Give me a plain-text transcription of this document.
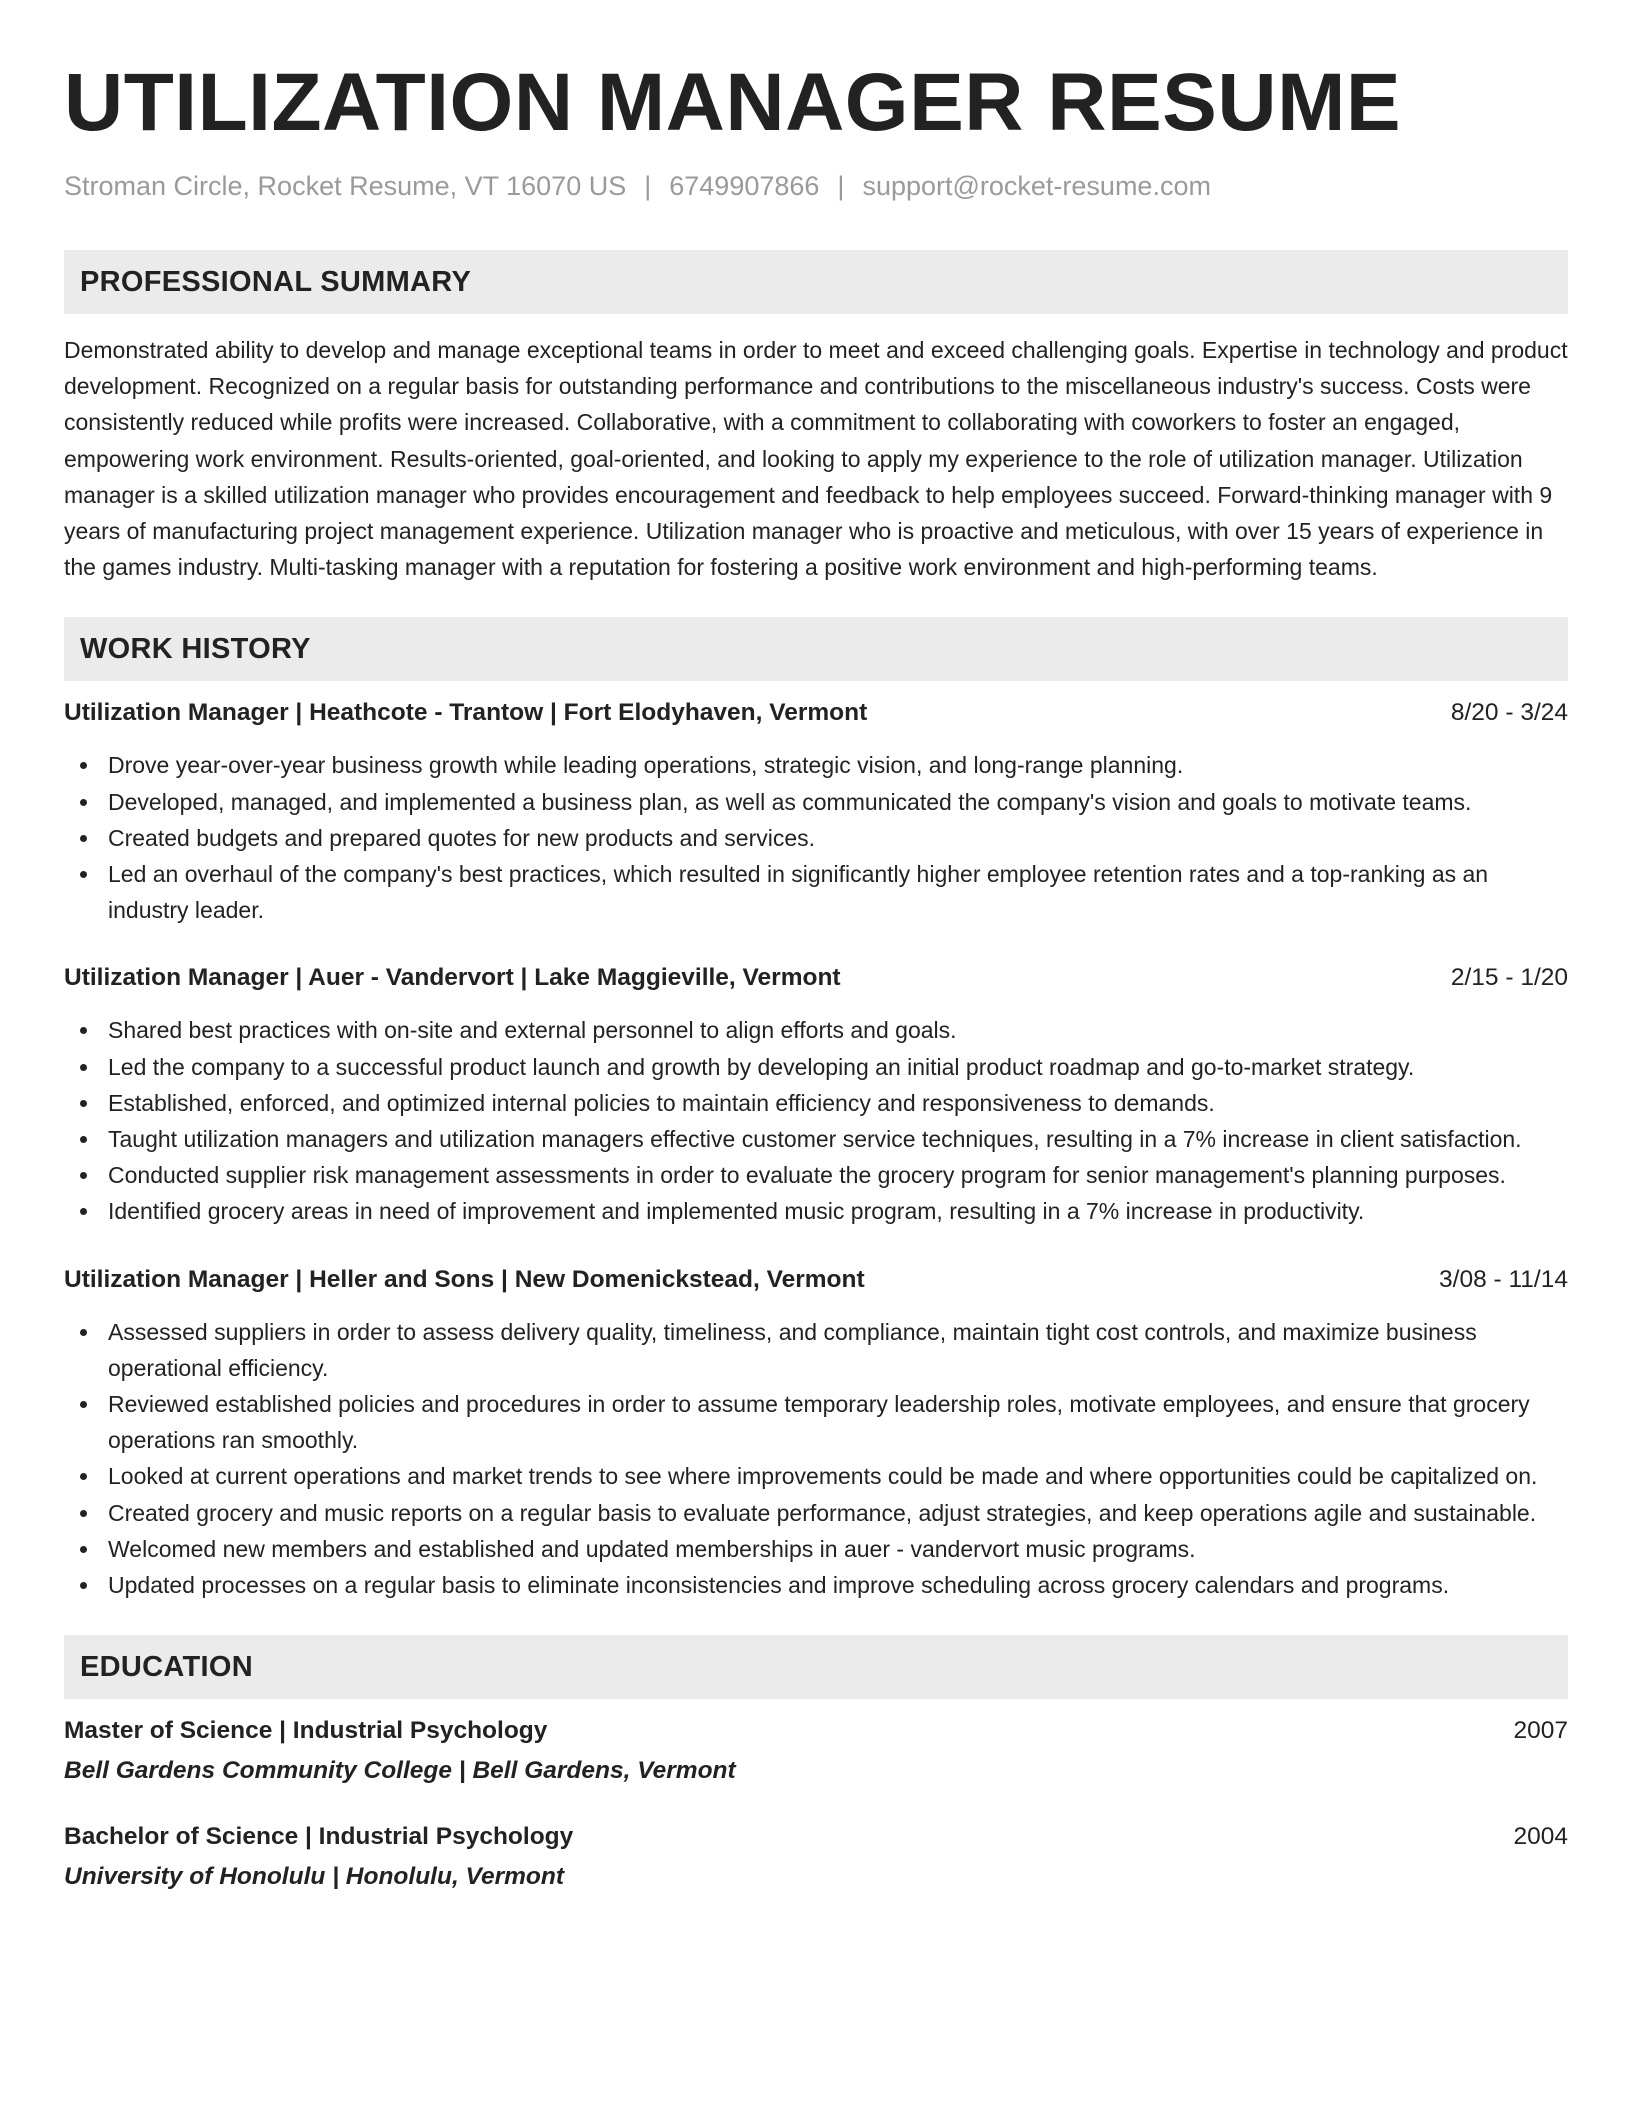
UTILIZATION MANAGER RESUME
Stroman Circle, Rocket Resume, VT 16070 US | 6749907866 | support@rocket-resume.com
PROFESSIONAL SUMMARY

Demonstrated ability to develop and manage exceptional teams in order to meet and exceed challenging goals. Expertise in technology and product development. Recognized on a regular basis for outstanding performance and contributions to the miscellaneous industry's success. Costs were consistently reduced while profits were increased. Collaborative, with a commitment to collaborating with coworkers to foster an engaged, empowering work environment. Results-oriented, goal-oriented, and looking to apply my experience to the role of utilization manager. Utilization manager is a skilled utilization manager who provides encouragement and feedback to help employees succeed. Forward-thinking manager with 9 years of manufacturing project management experience. Utilization manager who is proactive and meticulous, with over 15 years of experience in the games industry. Multi-tasking manager with a reputation for fostering a positive work environment and high-performing teams.

WORK HISTORY
Utilization Manager | Heathcote - Trantow | Fort Elodyhaven, Vermont	8/20 - 3/24
Drove year-over-year business growth while leading operations, strategic vision, and long-range planning.
Developed, managed, and implemented a business plan, as well as communicated the company's vision and goals to motivate teams.
Created budgets and prepared quotes for new products and services.
Led an overhaul of the company's best practices, which resulted in significantly higher employee retention rates and a top-ranking as an industry leader.
Utilization Manager | Auer - Vandervort | Lake Maggieville, Vermont	2/15 - 1/20
Shared best practices with on-site and external personnel to align efforts and goals.
Led the company to a successful product launch and growth by developing an initial product roadmap and go-to-market strategy.
Established, enforced, and optimized internal policies to maintain efficiency and responsiveness to demands.
Taught utilization managers and utilization managers effective customer service techniques, resulting in a 7% increase in client satisfaction.
Conducted supplier risk management assessments in order to evaluate the grocery program for senior management's planning purposes.
Identified grocery areas in need of improvement and implemented music program, resulting in a 7% increase in productivity.
Utilization Manager | Heller and Sons | New Domenickstead, Vermont	3/08 - 11/14
Assessed suppliers in order to assess delivery quality, timeliness, and compliance, maintain tight cost controls, and maximize business operational efficiency.
Reviewed established policies and procedures in order to assume temporary leadership roles, motivate employees, and ensure that grocery operations ran smoothly.
Looked at current operations and market trends to see where improvements could be made and where opportunities could be capitalized on.
Created grocery and music reports on a regular basis to evaluate performance, adjust strategies, and keep operations agile and sustainable.
Welcomed new members and established and updated memberships in auer - vandervort music programs.
Updated processes on a regular basis to eliminate inconsistencies and improve scheduling across grocery calendars and programs.
EDUCATION
Master of Science | Industrial Psychology	2007
Bell Gardens Community College | Bell Gardens, Vermont
Bachelor of Science | Industrial Psychology	2004
University of Honolulu | Honolulu, Vermont
